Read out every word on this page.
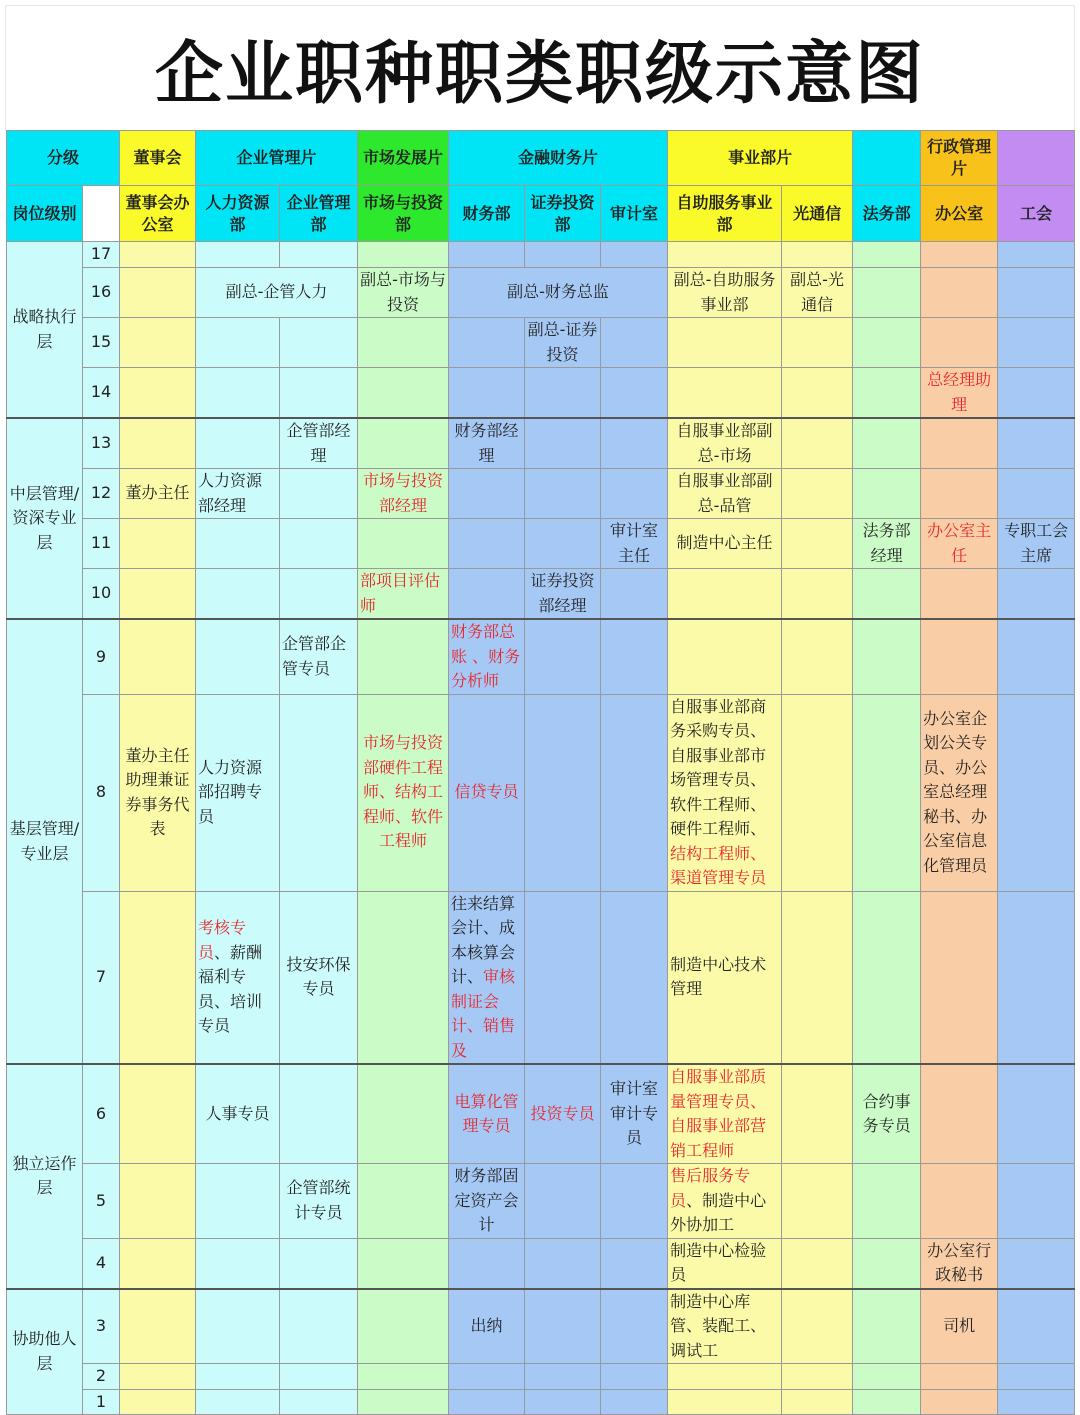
企业职种职类职级示意图
分级		董事会	企业管理片		市场发展片	金融财务片			事业部片			行政管理片	
岗位级别		董事会办公室	人力资源部	企业管理部	市场与投资部	财务部	证券投资部	审计室	自助服务事业部	光通信	法务部	办公室	工会
战略执行层	17												
	16		副总-企管人力		副总-市场与投资	副总-财务总监			副总-自助服务事业部	副总-光通信			
	15						副总-证券投资						
	14											总经理助理	
中层管理/资深专业层	13			企管部经理		财务部经理			自服事业部副总-市场				
	12	董办主任	人力资源部经理		市场与投资部经理				自服事业部副总-品管				
	11							审计室主任	制造中心主任		法务部经理	办公室主任	专职工会主席
	10				部项目评估师		证券投资部经理						
基层管理/专业层	9			企管部企管专员		财务部总账 、财务分析师							
	8	董办主任助理兼证券事务代表	人力资源部招聘专员		市场与投资部硬件工程师、结构工程师、软件工程师	信贷专员			自服事业部商务采购专员、自服事业部市场管理专员、软件工程师、硬件工程师、结构工程师、渠道管理专员			办公室企划公关专员、办公室总经理秘书、办公室信息化管理员	
	7		考核专员、薪酬福利专员、培训专员	技安环保专员		往来结算会计、成本核算会计、审核制证会计、销售及			制造中心技术管理				
独立运作层	6		人事专员			电算化管理专员	投资专员	审计室审计专员	自服事业部质量管理专员、自服事业部营销工程师		合约事务专员		
	5			企管部统计专员		财务部固定资产会计			售后服务专员、制造中心外协加工				
	4								制造中心检验员			办公室行政秘书	
协助他人层	3					出纳			制造中心库管、装配工、调试工			司机	
	2												
	1												
